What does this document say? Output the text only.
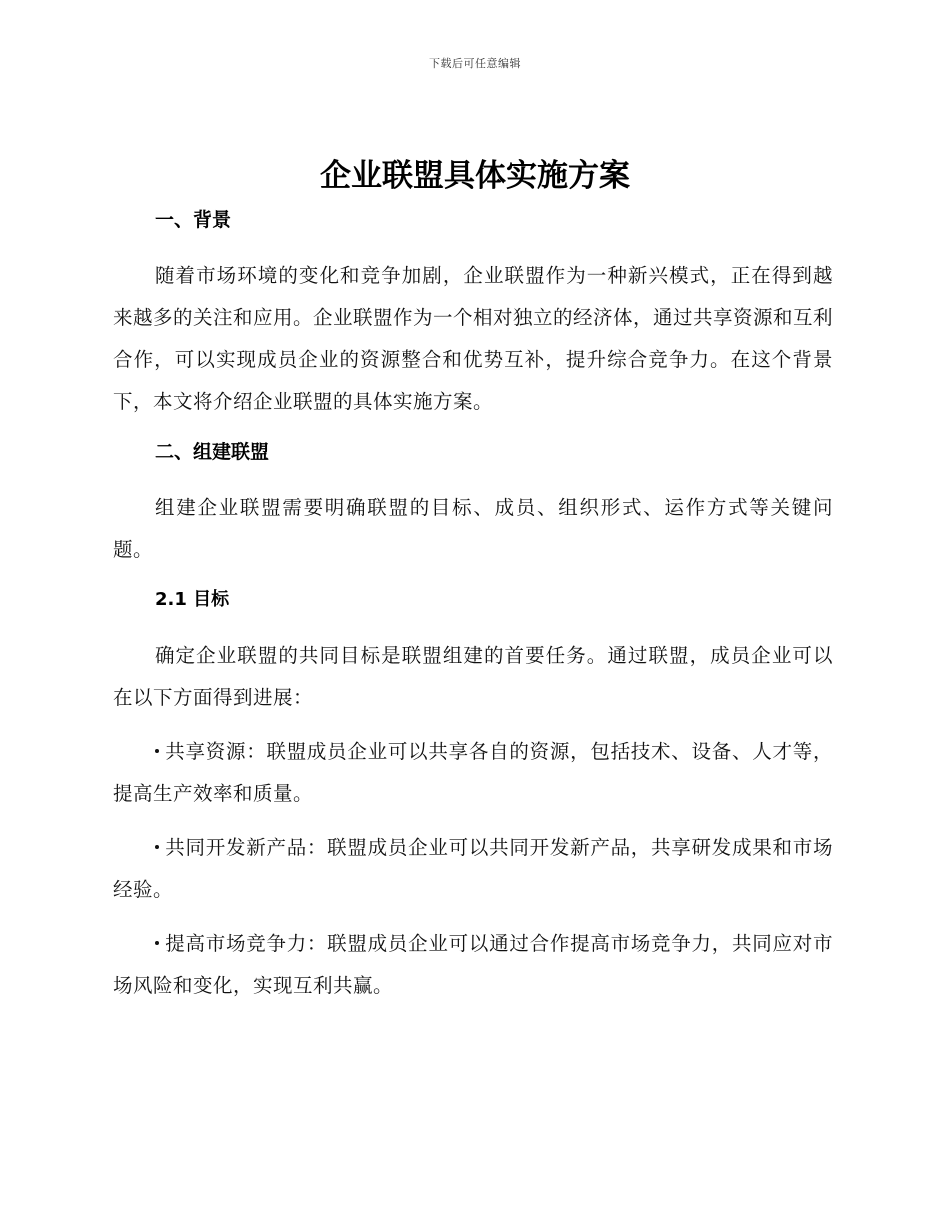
下载后可任意编辑
企业联盟具体实施方案

一、背景

随着市场环境的变化和竞争加剧，企业联盟作为一种新兴模式，正在得到越来越多的关注和应用。企业联盟作为一个相对独立的经济体，通过共享资源和互利合作，可以实现成员企业的资源整合和优势互补，提升综合竞争力。在这个背景下，本文将介绍企业联盟的具体实施方案。

二、组建联盟

组建企业联盟需要明确联盟的目标、成员、组织形式、运作方式等关键问题。

2.1 目标

确定企业联盟的共同目标是联盟组建的首要任务。通过联盟，成员企业可以在以下方面得到进展：

共享资源：联盟成员企业可以共享各自的资源，包括技术、设备、人才等，提高生产效率和质量。

共同开发新产品：联盟成员企业可以共同开发新产品，共享研发成果和市场经验。

提高市场竞争力：联盟成员企业可以通过合作提高市场竞争力，共同应对市场风险和变化，实现互利共赢。
